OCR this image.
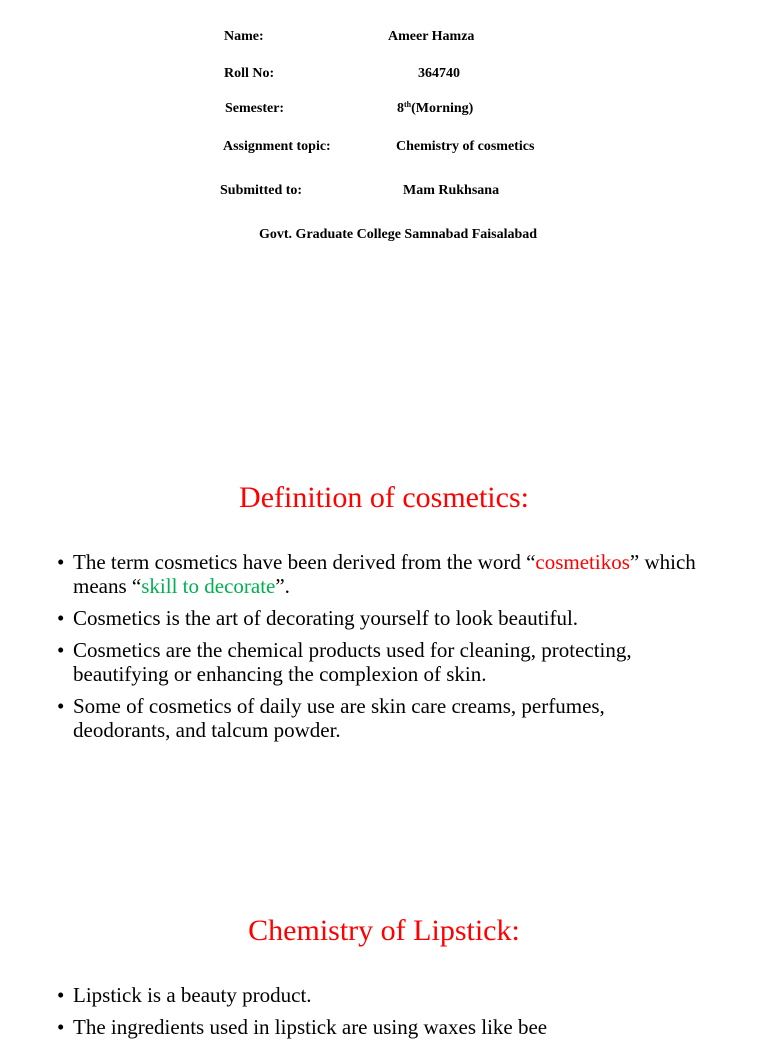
Name:	Ameer Hamza
Roll No:	364740
Semester:	8th(Morning)
Assignment topic:	Chemistry of cosmetics
Submitted to:	Mam Rukhsana
Govt. Graduate College Samnabad Faisalabad
Definition of cosmetics:
• The term cosmetics have been derived from the word “cosmetikos” which means “skill to decorate”.
• Cosmetics is the art of decorating yourself to look beautiful.
• Cosmetics are the chemical products used for cleaning, protecting, beautifying or enhancing the complexion of skin.
• Some of cosmetics of daily use are skin care creams, perfumes, deodorants, and talcum powder.
Chemistry of Lipstick:
• Lipstick is a beauty product.
• The ingredients used in lipstick are using waxes like bee
